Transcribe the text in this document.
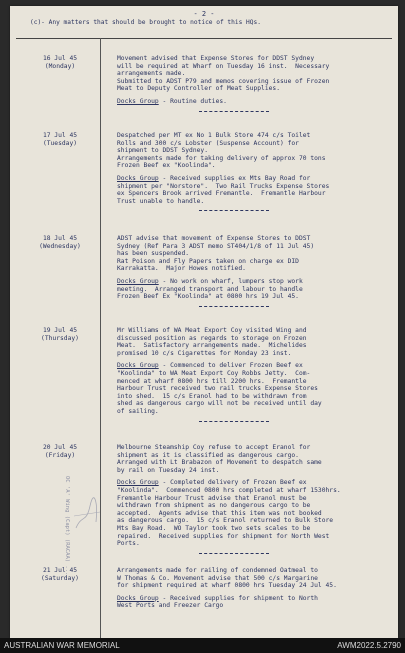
- 2 -
(c)- Any matters that should be brought to notice of this HQs.
16 Jul 45
(Monday)

Movement advised that Expense Stores for DDST Sydney
will be required at Wharf on Tuesday 16 inst.  Necessary
arrangements made.
Submitted to ADST P79 and memos covering issue of Frozen
Meat to Deputy Controller of Meat Supplies.

Docks Group - Routine duties.

17 Jul 45
(Tuesday)

Despatched per MT ex No 1 Bulk Store 474 c/s Toilet
Rolls and 300 c/s Lobster (Suspense Account) for
shipment to DDST Sydney.
Arrangements made for taking delivery of approx 70 tons
Frozen Beef ex "Koolinda".

Docks Group - Received supplies ex Mts Bay Road for
shipment per "Norstore".  Two Rail Trucks Expense Stores
ex Spencers Brook arrived Fremantle.  Fremantle Harbour
Trust unable to handle.

18 Jul 45
(Wednesday)

ADST advise that movement of Expense Stores to DDST
Sydney (Ref Para 3 ADST memo ST404/1/8 of 11 Jul 45)
has been suspended.
Rat Poison and Fly Papers taken on charge ex DID
Karrakatta.  Major Howes notified.

Docks Group - No work on wharf, lumpers stop work
meeting.  Arranged transport and labour to handle
Frozen Beef Ex "Koolinda" at 0800 hrs 19 Jul 45.

19 Jul 45
(Thursday)

Mr Williams of WA Meat Export Coy visited Wing and
discussed position as regards to storage on Frozen
Meat.  Satisfactory arrangements made.  Michelides
promised 10 c/s Cigarettes for Monday 23 inst.

Docks Group - Commenced to deliver Frozen Beef ex
"Koolinda" to WA Meat Export Coy Robbs Jetty.  Com-
menced at wharf 0800 hrs till 2200 hrs.  Fremantle
Harbour Trust received two rail trucks Expense Stores
into shed.  15 c/s Eranol had to be withdrawn from
shed as dangerous cargo will not be received until day
of sailing.

20 Jul 45
(Friday)

Melbourne Steamship Coy refuse to accept Eranol for
shipment as it is classified as dangerous cargo.
Arranged with Lt Brabazon of Movement to despatch same
by rail on Tuesday 24 inst.

Docks Group - Completed delivery of Frozen Beef ex
"Koolinda".  Commenced 0800 hrs completed at wharf 1530hrs.
Fremantle Harbour Trust advise that Eranol must be
withdrawn from shipment as no dangerous cargo to be
accepted.  Agents advise that this item was not booked
as dangerous cargo.  15 c/s Eranol returned to Bulk Store
Mts Bay Road.  WO Taylor took two sets scales to be
repaired.  Received supplies for shipment for North West
Ports.

21 Jul 45
(Saturday)

Arrangements made for railing of condemned Oatmeal to
W Thomas & Co. Movement advise that 500 c/s Margarine
for shipment required at wharf 0800 hrs Tuesday 24 Jul 45.

Docks Group - Received supplies for shipment to North
West Ports and Freezer Cargo

OC 'A' Wing (Capt) (RACAA) ...
AUSTRALIAN WAR MEMORIAL	AWM2022.5.2790
